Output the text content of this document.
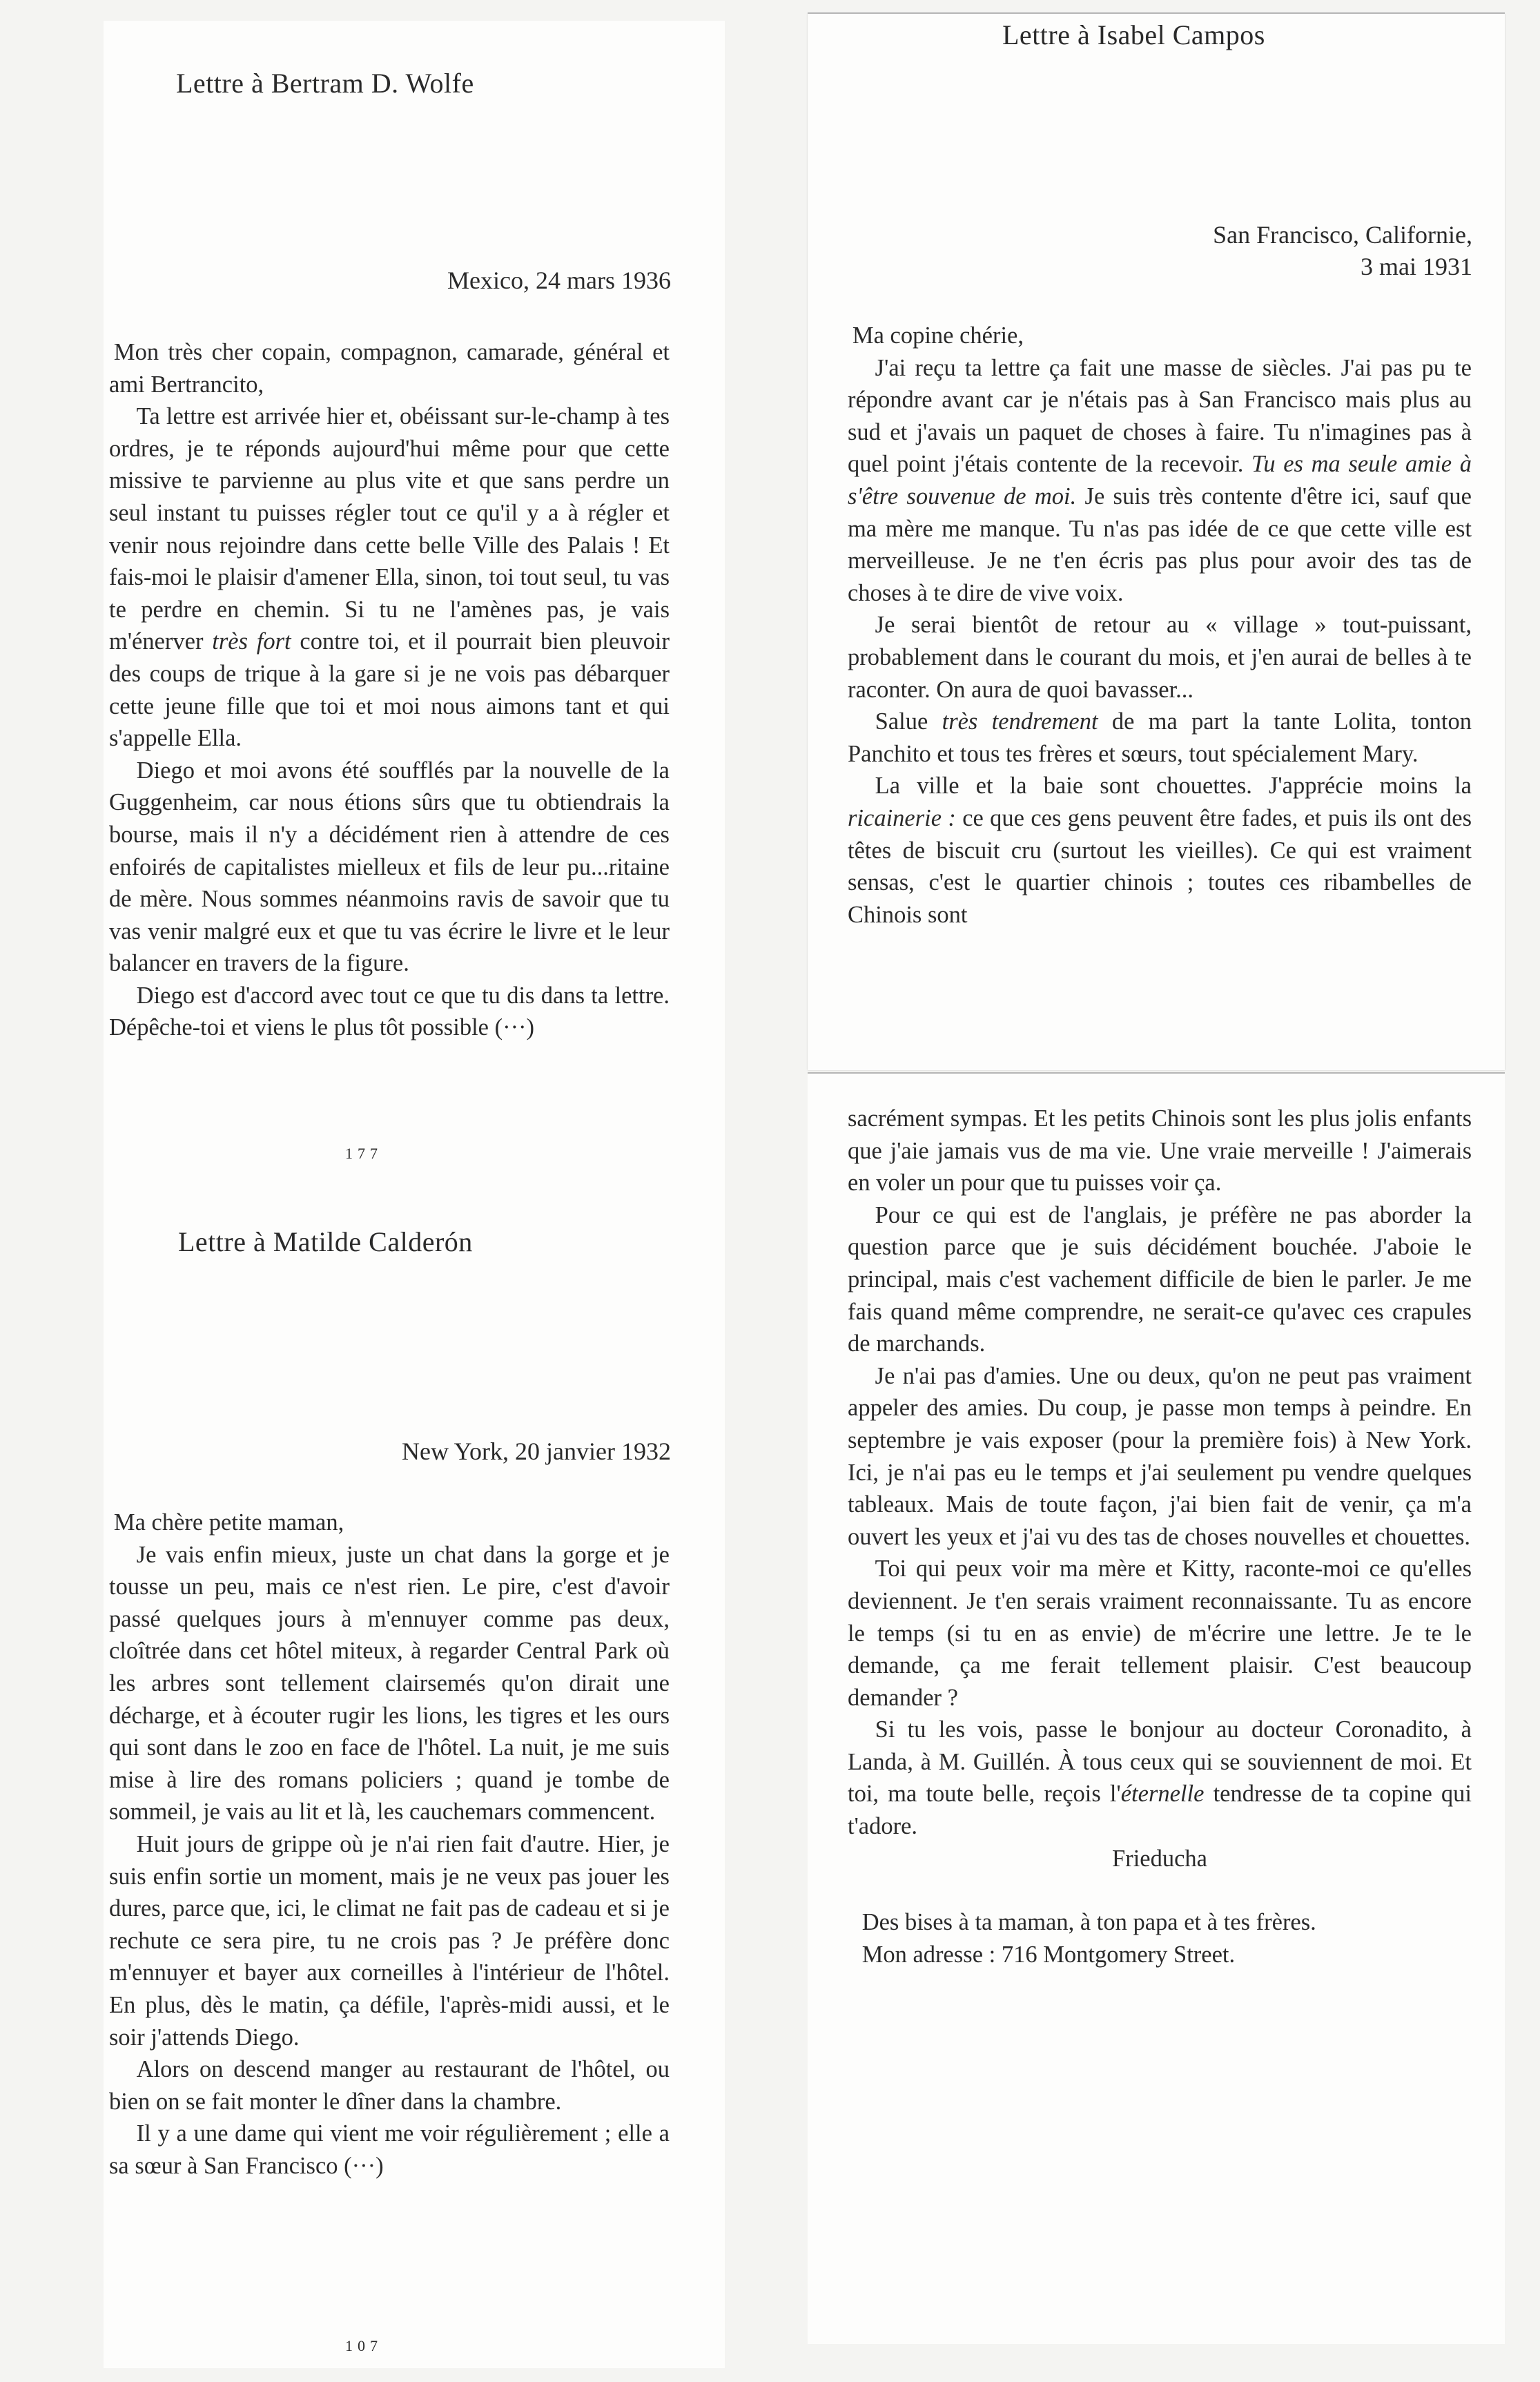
Lettre à Bertram D. Wolfe
Mexico, 24 mars 1936

Mon très cher copain, compagnon, camarade, général et ami Bertrancito,

Ta lettre est arrivée hier et, obéissant sur-le-champ à tes ordres, je te réponds aujourd'hui même pour que cette missive te parvienne au plus vite et que sans perdre un seul instant tu puisses régler tout ce qu'il y a à régler et venir nous rejoindre dans cette belle Ville des Palais ! Et fais-moi le plaisir d'amener Ella, sinon, toi tout seul, tu vas te perdre en chemin. Si tu ne l'amènes pas, je vais m'énerver très fort contre toi, et il pourrait bien pleuvoir des coups de trique à la gare si je ne vois pas débarquer cette jeune fille que toi et moi nous aimons tant et qui s'appelle Ella.

Diego et moi avons été soufflés par la nouvelle de la Guggenheim, car nous étions sûrs que tu obtiendrais la bourse, mais il n'y a décidément rien à attendre de ces enfoirés de capitalistes mielleux et fils de leur pu...ritaine de mère. Nous sommes néanmoins ravis de savoir que tu vas venir malgré eux et que tu vas écrire le livre et le leur balancer en travers de la figure.

Diego est d'accord avec tout ce que tu dis dans ta lettre. Dépêche-toi et viens le plus tôt possible (···)

177
Lettre à Matilde Calderón
New York, 20 janvier 1932

Ma chère petite maman,

Je vais enfin mieux, juste un chat dans la gorge et je tousse un peu, mais ce n'est rien. Le pire, c'est d'avoir passé quelques jours à m'ennuyer comme pas deux, cloîtrée dans cet hôtel miteux, à regarder Central Park où les arbres sont tellement clairsemés qu'on dirait une décharge, et à écouter rugir les lions, les tigres et les ours qui sont dans le zoo en face de l'hôtel. La nuit, je me suis mise à lire des romans policiers ; quand je tombe de sommeil, je vais au lit et là, les cauchemars commencent.

Huit jours de grippe où je n'ai rien fait d'autre. Hier, je suis enfin sortie un moment, mais je ne veux pas jouer les dures, parce que, ici, le climat ne fait pas de cadeau et si je rechute ce sera pire, tu ne crois pas ? Je préfère donc m'ennuyer et bayer aux corneilles à l'intérieur de l'hôtel. En plus, dès le matin, ça défile, l'après-midi aussi, et le soir j'attends Diego.

Alors on descend manger au restaurant de l'hôtel, ou bien on se fait monter le dîner dans la chambre.

Il y a une dame qui vient me voir régulièrement ; elle a sa sœur à San Francisco (···)

107
Lettre à Isabel Campos
San Francisco, Californie,
3 mai 1931

Ma copine chérie,

J'ai reçu ta lettre ça fait une masse de siècles. J'ai pas pu te répondre avant car je n'étais pas à San Francisco mais plus au sud et j'avais un paquet de choses à faire. Tu n'imagines pas à quel point j'étais contente de la recevoir. Tu es ma seule amie à s'être souvenue de moi. Je suis très contente d'être ici, sauf que ma mère me manque. Tu n'as pas idée de ce que cette ville est merveilleuse. Je ne t'en écris pas plus pour avoir des tas de choses à te dire de vive voix.

Je serai bientôt de retour au « village » tout-puissant, probablement dans le courant du mois, et j'en aurai de belles à te raconter. On aura de quoi bavasser...

Salue très tendrement de ma part la tante Lolita, tonton Panchito et tous tes frères et sœurs, tout spécialement Mary.

La ville et la baie sont chouettes. J'apprécie moins la ricainerie : ce que ces gens peuvent être fades, et puis ils ont des têtes de biscuit cru (surtout les vieilles). Ce qui est vraiment sensas, c'est le quartier chinois ; toutes ces ribambelles de Chinois sont

sacrément sympas. Et les petits Chinois sont les plus jolis enfants que j'aie jamais vus de ma vie. Une vraie merveille ! J'aimerais en voler un pour que tu puisses voir ça.

Pour ce qui est de l'anglais, je préfère ne pas aborder la question parce que je suis décidément bouchée. J'aboie le principal, mais c'est vachement difficile de bien le parler. Je me fais quand même comprendre, ne serait-ce qu'avec ces crapules de marchands.

Je n'ai pas d'amies. Une ou deux, qu'on ne peut pas vraiment appeler des amies. Du coup, je passe mon temps à peindre. En septembre je vais exposer (pour la première fois) à New York. Ici, je n'ai pas eu le temps et j'ai seulement pu vendre quelques tableaux. Mais de toute façon, j'ai bien fait de venir, ça m'a ouvert les yeux et j'ai vu des tas de choses nouvelles et chouettes.

Toi qui peux voir ma mère et Kitty, raconte-moi ce qu'elles deviennent. Je t'en serais vraiment reconnaissante. Tu as encore le temps (si tu en as envie) de m'écrire une lettre. Je te le demande, ça me ferait tellement plaisir. C'est beaucoup demander ?

Si tu les vois, passe le bonjour au docteur Coronadito, à Landa, à M. Guillén. À tous ceux qui se souviennent de moi. Et toi, ma toute belle, reçois l'éternelle tendresse de ta copine qui t'adore.

Frieducha

Des bises à ta maman, à ton papa et à tes frères.
Mon adresse : 716 Montgomery Street.
